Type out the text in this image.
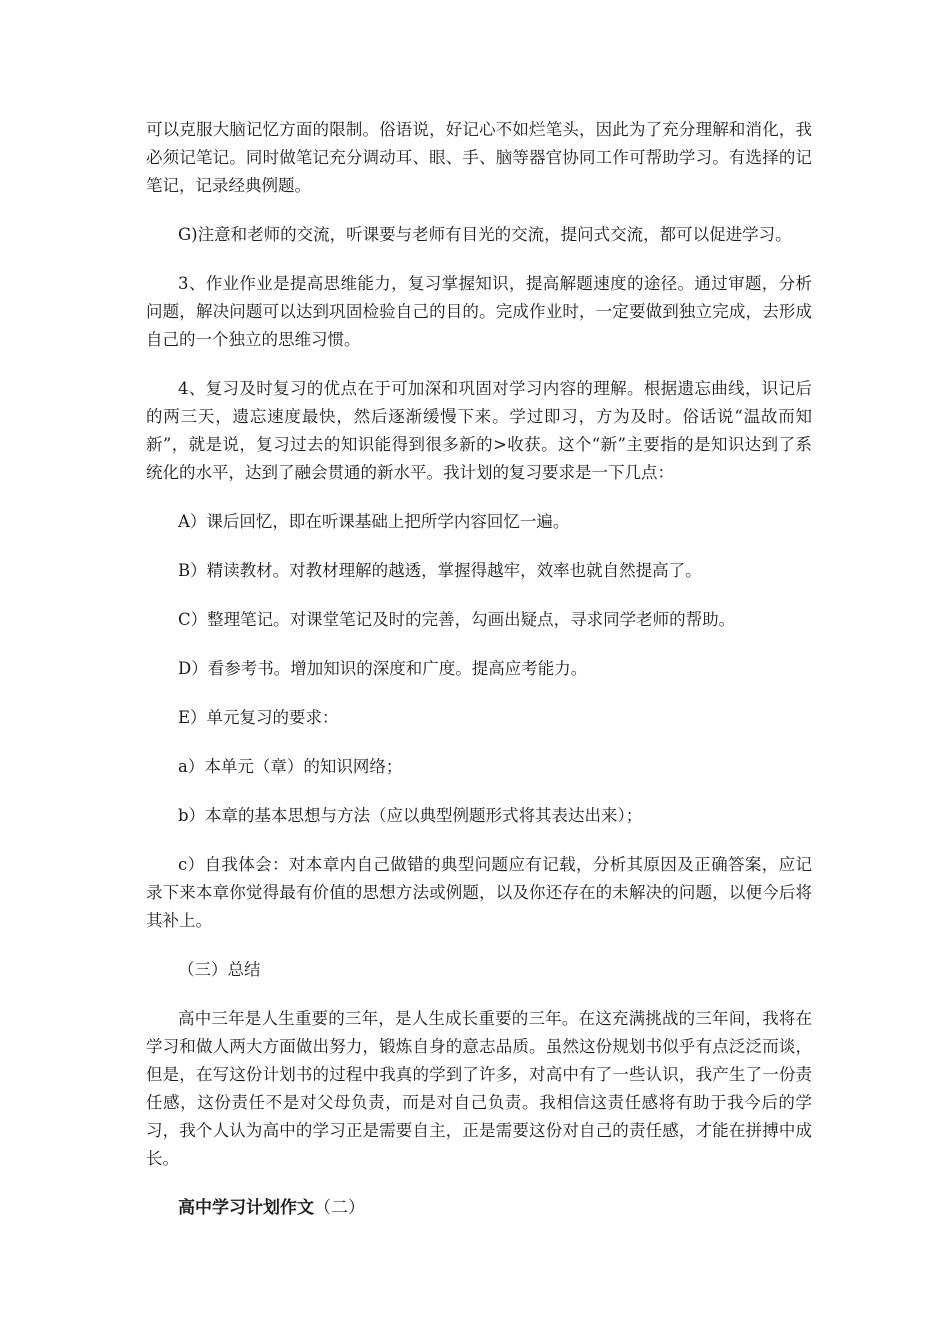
可以克服大脑记忆方面的限制。俗语说，好记心不如烂笔头，因此为了充分理解和消化，我必须记笔记。同时做笔记充分调动耳、眼、手、脑等器官协同工作可帮助学习。有选择的记笔记，记录经典例题。

G)注意和老师的交流，听课要与老师有目光的交流，提问式交流，都可以促进学习。

3、作业作业是提高思维能力，复习掌握知识，提高解题速度的途径。通过审题，分析问题，解决问题可以达到巩固检验自己的目的。完成作业时，一定要做到独立完成，去形成自己的一个独立的思维习惯。

4、复习及时复习的优点在于可加深和巩固对学习内容的理解。根据遗忘曲线，识记后的两三天，遗忘速度最快，然后逐渐缓慢下来。学过即习，方为及时。俗话说“温故而知新”，就是说，复习过去的知识能得到很多新的>收获。这个“新”主要指的是知识达到了系统化的水平，达到了融会贯通的新水平。我计划的复习要求是一下几点：

A）课后回忆，即在听课基础上把所学内容回忆一遍。
B）精读教材。对教材理解的越透，掌握得越牢，效率也就自然提高了。
C）整理笔记。对课堂笔记及时的完善，勾画出疑点，寻求同学老师的帮助。
D）看参考书。增加知识的深度和广度。提高应考能力。
E）单元复习的要求：
a）本单元（章）的知识网络；
b）本章的基本思想与方法（应以典型例题形式将其表达出来）；

c）自我体会：对本章内自己做错的典型问题应有记载，分析其原因及正确答案，应记录下来本章你觉得最有价值的思想方法或例题，以及你还存在的未解决的问题，以便今后将其补上。

（三）总结

高中三年是人生重要的三年，是人生成长重要的三年。在这充满挑战的三年间，我将在学习和做人两大方面做出努力，锻炼自身的意志品质。虽然这份规划书似乎有点泛泛而谈，但是，在写这份计划书的过程中我真的学到了许多，对高中有了一些认识，我产生了一份责任感，这份责任不是对父母负责，而是对自己负责。我相信这责任感将有助于我今后的学习，我个人认为高中的学习正是需要自主，正是需要这份对自己的责任感，才能在拼搏中成长。

高中学习计划作文（二）
